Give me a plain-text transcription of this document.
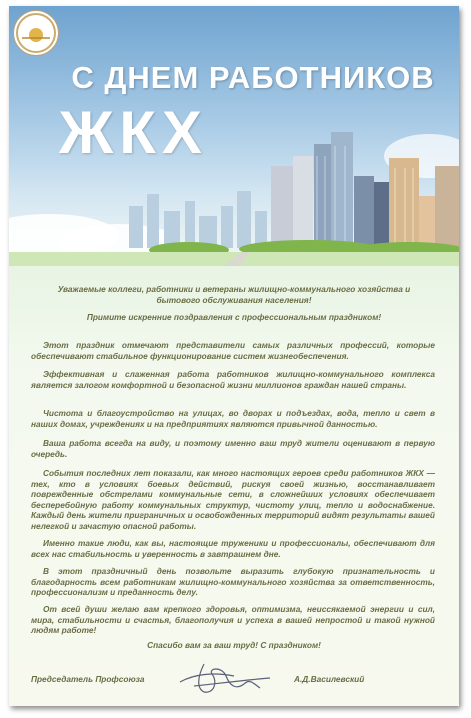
С ДНЕМ РАБОТНИКОВ
ЖКХ

Уважаемые коллеги, работники и ветераны жилищно-коммунального хозяйства и бытового обслуживания населения!

Примите искренние поздравления с профессиональным праздником!

Этот праздник отмечают представители самых различных профессий, которые обеспечивают стабильное функционирование систем жизнеобеспечения.

Эффективная и слаженная работа работников жилищно-коммунального комплекса является залогом комфортной и безопасной жизни миллионов граждан нашей страны.

Чистота и благоустройство на улицах, во дворах и подъездах, вода, тепло и свет в наших домах, учреждениях и на предприятиях являются привычной данностью.

Ваша работа всегда на виду, и поэтому именно ваш труд жители оценивают в первую очередь.

События последних лет показали, как много настоящих героев среди работников ЖКХ — тех, кто в условиях боевых действий, рискуя своей жизнью, восстанавливает поврежденные обстрелами коммунальные сети, в сложнейших условиях обеспечивает бесперебойную работу коммунальных структур, чистоту улиц, тепло и водоснабжение. Каждый день жители приграничных и освобожденных территорий видят результаты вашей нелегкой и зачастую опасной работы.

Именно такие люди, как вы, настоящие труженики и профессионалы, обеспечивают для всех нас стабильность и уверенность в завтрашнем дне.

В этот праздничный день позвольте выразить глубокую признательность и благодарность всем работникам жилищно-коммунального хозяйства за ответственность, профессионализм и преданность делу.

От всей души желаю вам крепкого здоровья, оптимизма, неиссякаемой энергии и сил, мира, стабильности и счастья, благополучия и успеха в вашей непростой и такой нужной людям работе!

Спасибо вам за ваш труд! С праздником!

Председатель Профсоюза	А.Д.Василевский
